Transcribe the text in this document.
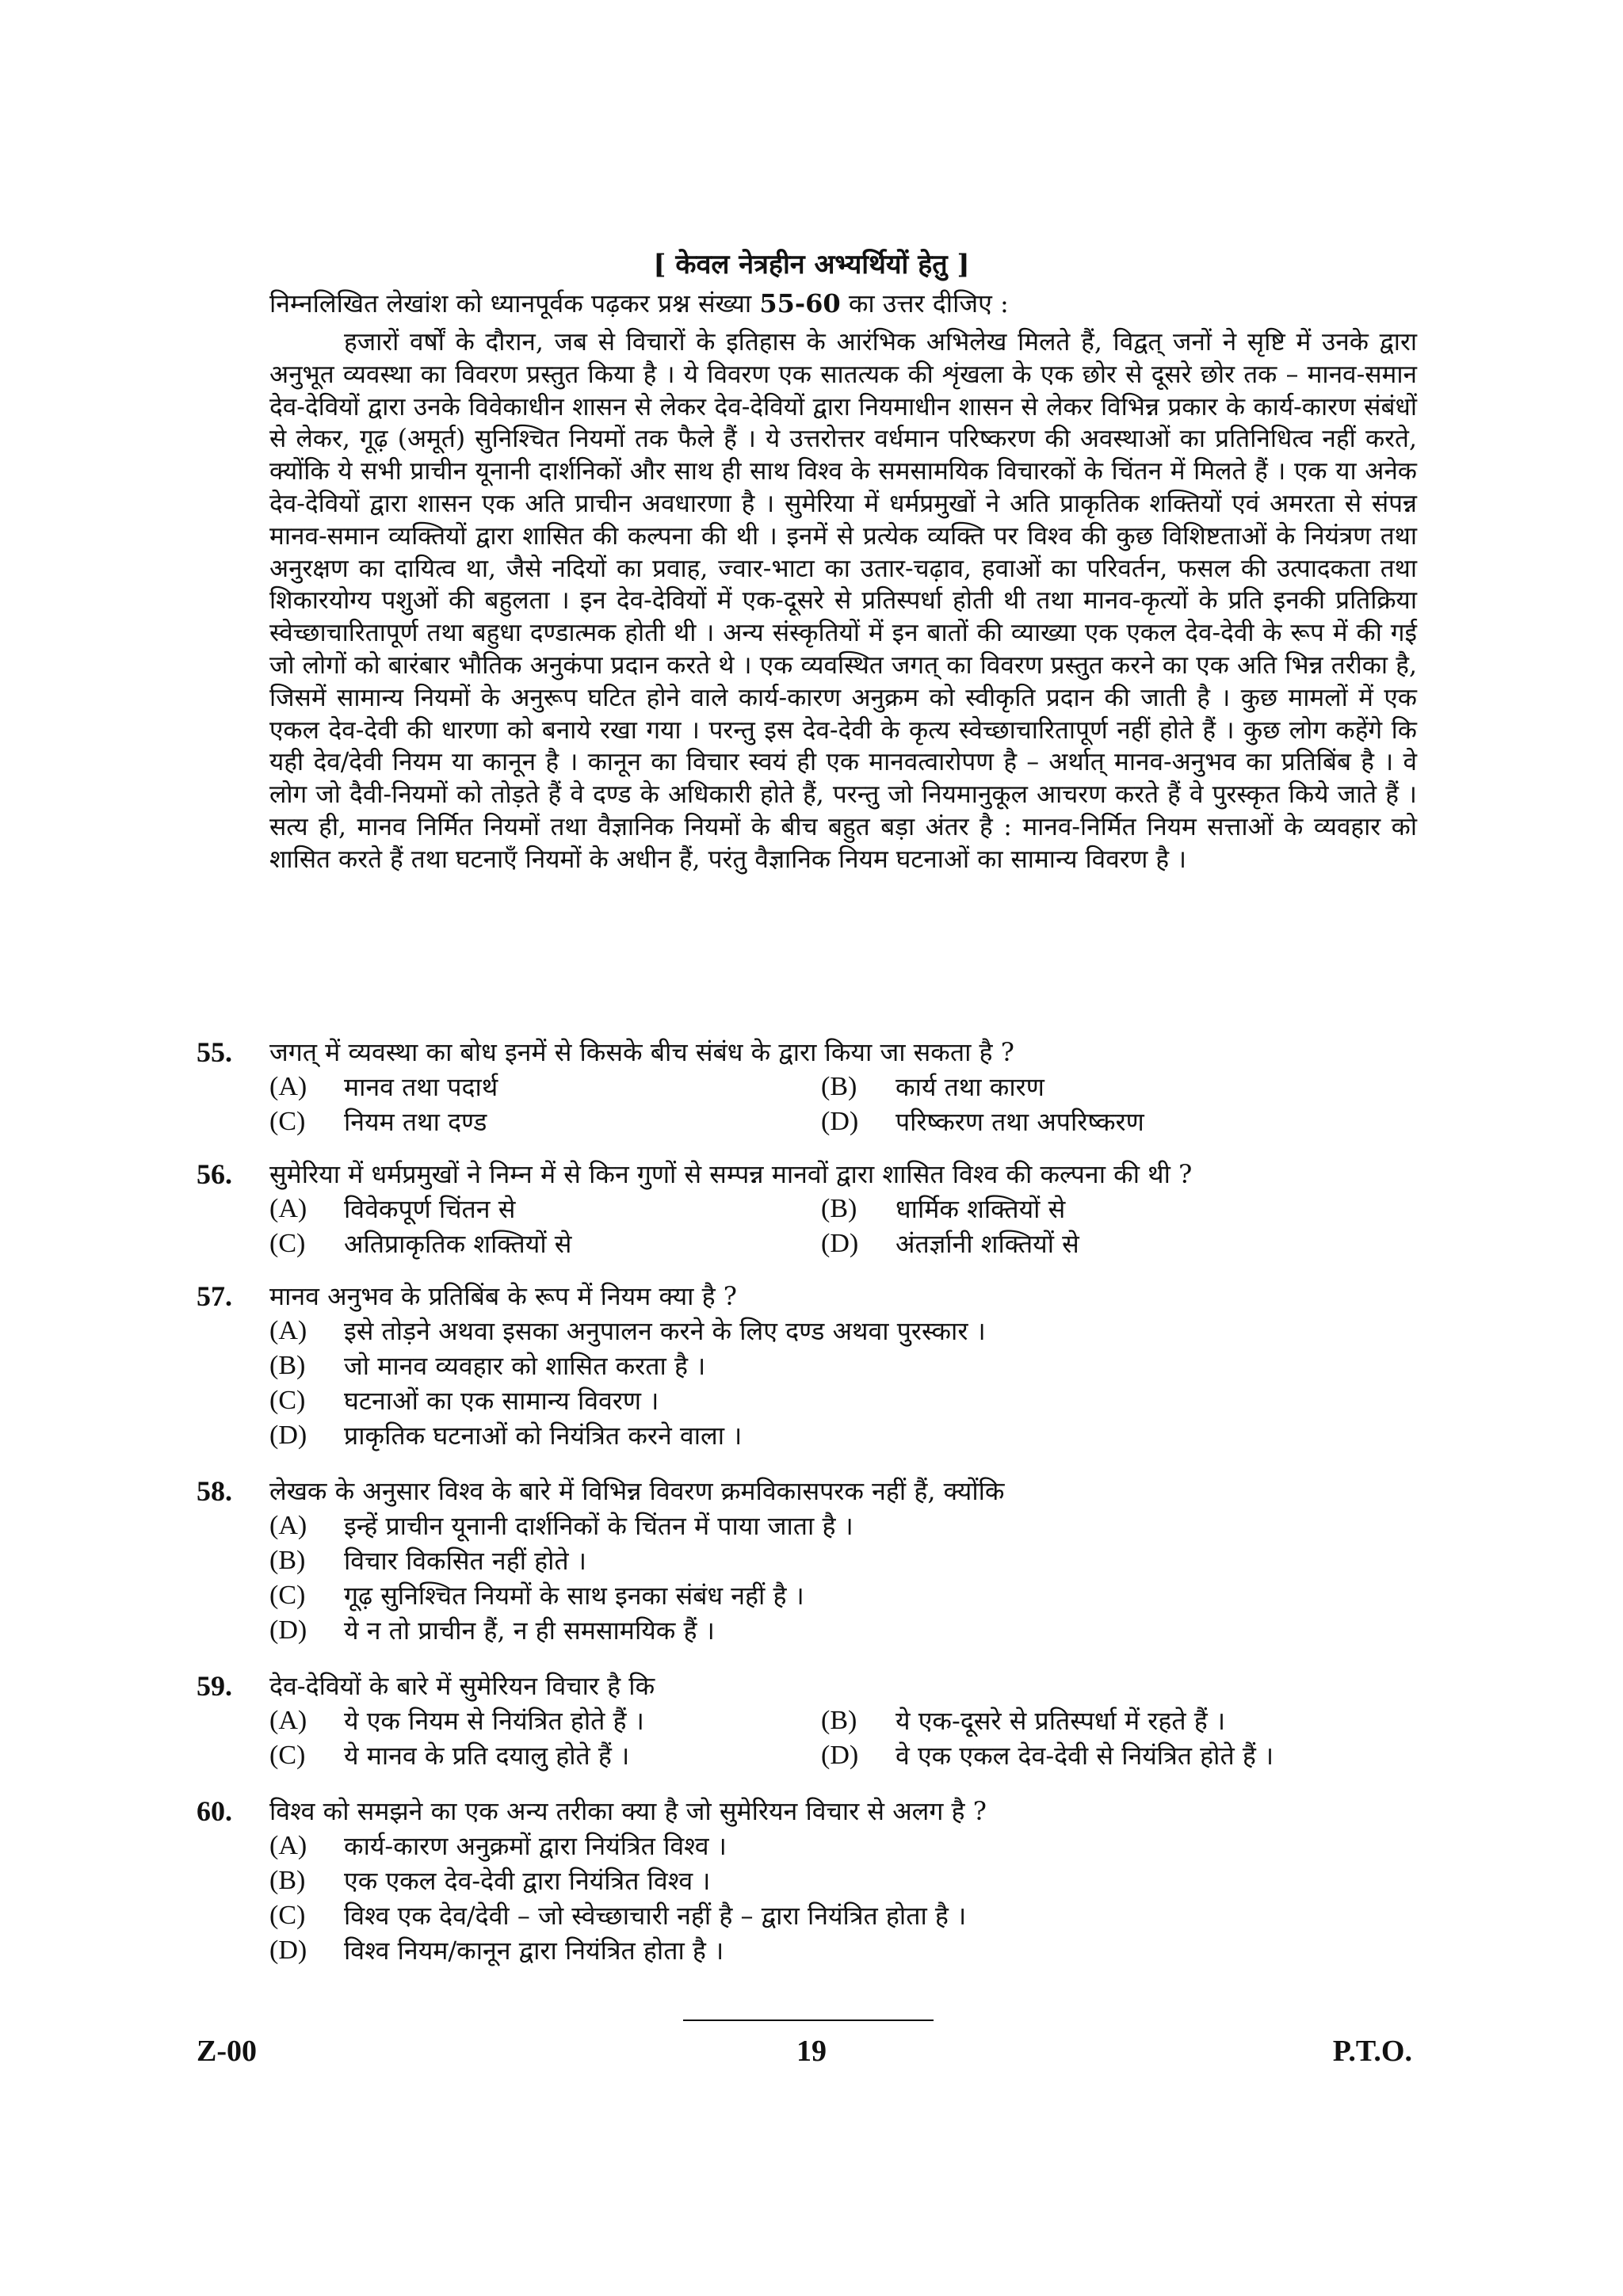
[ केवल नेत्रहीन अभ्यर्थियों हेतु ]
निम्नलिखित लेखांश को ध्यानपूर्वक पढ़कर प्रश्न संख्या 55-60 का उत्तर दीजिए :

हजारों वर्षों के दौरान, जब से विचारों के इतिहास के आरंभिक अभिलेख मिलते हैं, विद्वत् जनों ने सृष्टि में उनके द्वारा अनुभूत व्यवस्था का विवरण प्रस्तुत किया है । ये विवरण एक सातत्यक की शृंखला के एक छोर से दूसरे छोर तक – मानव-समान देव-देवियों द्वारा उनके विवेकाधीन शासन से लेकर देव-देवियों द्वारा नियमाधीन शासन से लेकर विभिन्न प्रकार के कार्य-कारण संबंधों से लेकर, गूढ़ (अमूर्त) सुनिश्चित नियमों तक फैले हैं । ये उत्तरोत्तर वर्धमान परिष्करण की अवस्थाओं का प्रतिनिधित्व नहीं करते, क्योंकि ये सभी प्राचीन यूनानी दार्शनिकों और साथ ही साथ विश्व के समसामयिक विचारकों के चिंतन में मिलते हैं । एक या अनेक देव-देवियों द्वारा शासन एक अति प्राचीन अवधारणा है । सुमेरिया में धर्मप्रमुखों ने अति प्राकृतिक शक्तियों एवं अमरता से संपन्न मानव-समान व्यक्तियों द्वारा शासित की कल्पना की थी । इनमें से प्रत्येक व्यक्ति पर विश्व की कुछ विशिष्टताओं के नियंत्रण तथा अनुरक्षण का दायित्व था, जैसे नदियों का प्रवाह, ज्वार-भाटा का उतार-चढ़ाव, हवाओं का परिवर्तन, फसल की उत्पादकता तथा शिकारयोग्य पशुओं की बहुलता । इन देव-देवियों में एक-दूसरे से प्रतिस्पर्धा होती थी तथा मानव-कृत्यों के प्रति इनकी प्रतिक्रिया स्वेच्छाचारितापूर्ण तथा बहुधा दण्डात्मक होती थी । अन्य संस्कृतियों में इन बातों की व्याख्या एक एकल देव-देवी के रूप में की गई जो लोगों को बारंबार भौतिक अनुकंपा प्रदान करते थे । एक व्यवस्थित जगत् का विवरण प्रस्तुत करने का एक अति भिन्न तरीका है, जिसमें सामान्य नियमों के अनुरूप घटित होने वाले कार्य-कारण अनुक्रम को स्वीकृति प्रदान की जाती है । कुछ मामलों में एक एकल देव-देवी की धारणा को बनाये रखा गया । परन्तु इस देव-देवी के कृत्य स्वेच्छाचारितापूर्ण नहीं होते हैं । कुछ लोग कहेंगे कि यही देव/देवी नियम या कानून है । कानून का विचार स्वयं ही एक मानवत्वारोपण है – अर्थात् मानव-अनुभव का प्रतिबिंब है । वे लोग जो दैवी-नियमों को तोड़ते हैं वे दण्ड के अधिकारी होते हैं, परन्तु जो नियमानुकूल आचरण करते हैं वे पुरस्कृत किये जाते हैं । सत्य ही, मानव निर्मित नियमों तथा वैज्ञानिक नियमों के बीच बहुत बड़ा अंतर है : मानव-निर्मित नियम सत्ताओं के व्यवहार को शासित करते हैं तथा घटनाएँ नियमों के अधीन हैं, परंतु वैज्ञानिक नियम घटनाओं का सामान्य विवरण है ।

55.	जगत् में व्यवस्था का बोध इनमें से किसके बीच संबंध के द्वारा किया जा सकता है ?
(A)	मानव तथा पदार्थ	(B)	कार्य तथा कारण
(C)	नियम तथा दण्ड	(D)	परिष्करण तथा अपरिष्करण
56.	सुमेरिया में धर्मप्रमुखों ने निम्न में से किन गुणों से सम्पन्न मानवों द्वारा शासित विश्व की कल्पना की थी ?
(A)	विवेकपूर्ण चिंतन से	(B)	धार्मिक शक्तियों से
(C)	अतिप्राकृतिक शक्तियों से	(D)	अंतर्ज्ञानी शक्तियों से
57.	मानव अनुभव के प्रतिबिंब के रूप में नियम क्या है ?
(A)	इसे तोड़ने अथवा इसका अनुपालन करने के लिए दण्ड अथवा पुरस्कार ।
(B)	जो मानव व्यवहार को शासित करता है ।
(C)	घटनाओं का एक सामान्य विवरण ।
(D)	प्राकृतिक घटनाओं को नियंत्रित करने वाला ।
58.	लेखक के अनुसार विश्व के बारे में विभिन्न विवरण क्रमविकासपरक नहीं हैं, क्योंकि
(A)	इन्हें प्राचीन यूनानी दार्शनिकों के चिंतन में पाया जाता है ।
(B)	विचार विकसित नहीं होते ।
(C)	गूढ़ सुनिश्चित नियमों के साथ इनका संबंध नहीं है ।
(D)	ये न तो प्राचीन हैं, न ही समसामयिक हैं ।
59.	देव-देवियों के बारे में सुमेरियन विचार है कि
(A)	ये एक नियम से नियंत्रित होते हैं ।	(B)	ये एक-दूसरे से प्रतिस्पर्धा में रहते हैं ।
(C)	ये मानव के प्रति दयालु होते हैं ।	(D)	वे एक एकल देव-देवी से नियंत्रित होते हैं ।
60.	विश्व को समझने का एक अन्य तरीका क्या है जो सुमेरियन विचार से अलग है ?
(A)	कार्य-कारण अनुक्रमों द्वारा नियंत्रित विश्व ।
(B)	एक एकल देव-देवी द्वारा नियंत्रित विश्व ।
(C)	विश्व एक देव/देवी – जो स्वेच्छाचारी नहीं है – द्वारा नियंत्रित होता है ।
(D)	विश्व नियम/कानून द्वारा नियंत्रित होता है ।
Z-00	19	P.T.O.
